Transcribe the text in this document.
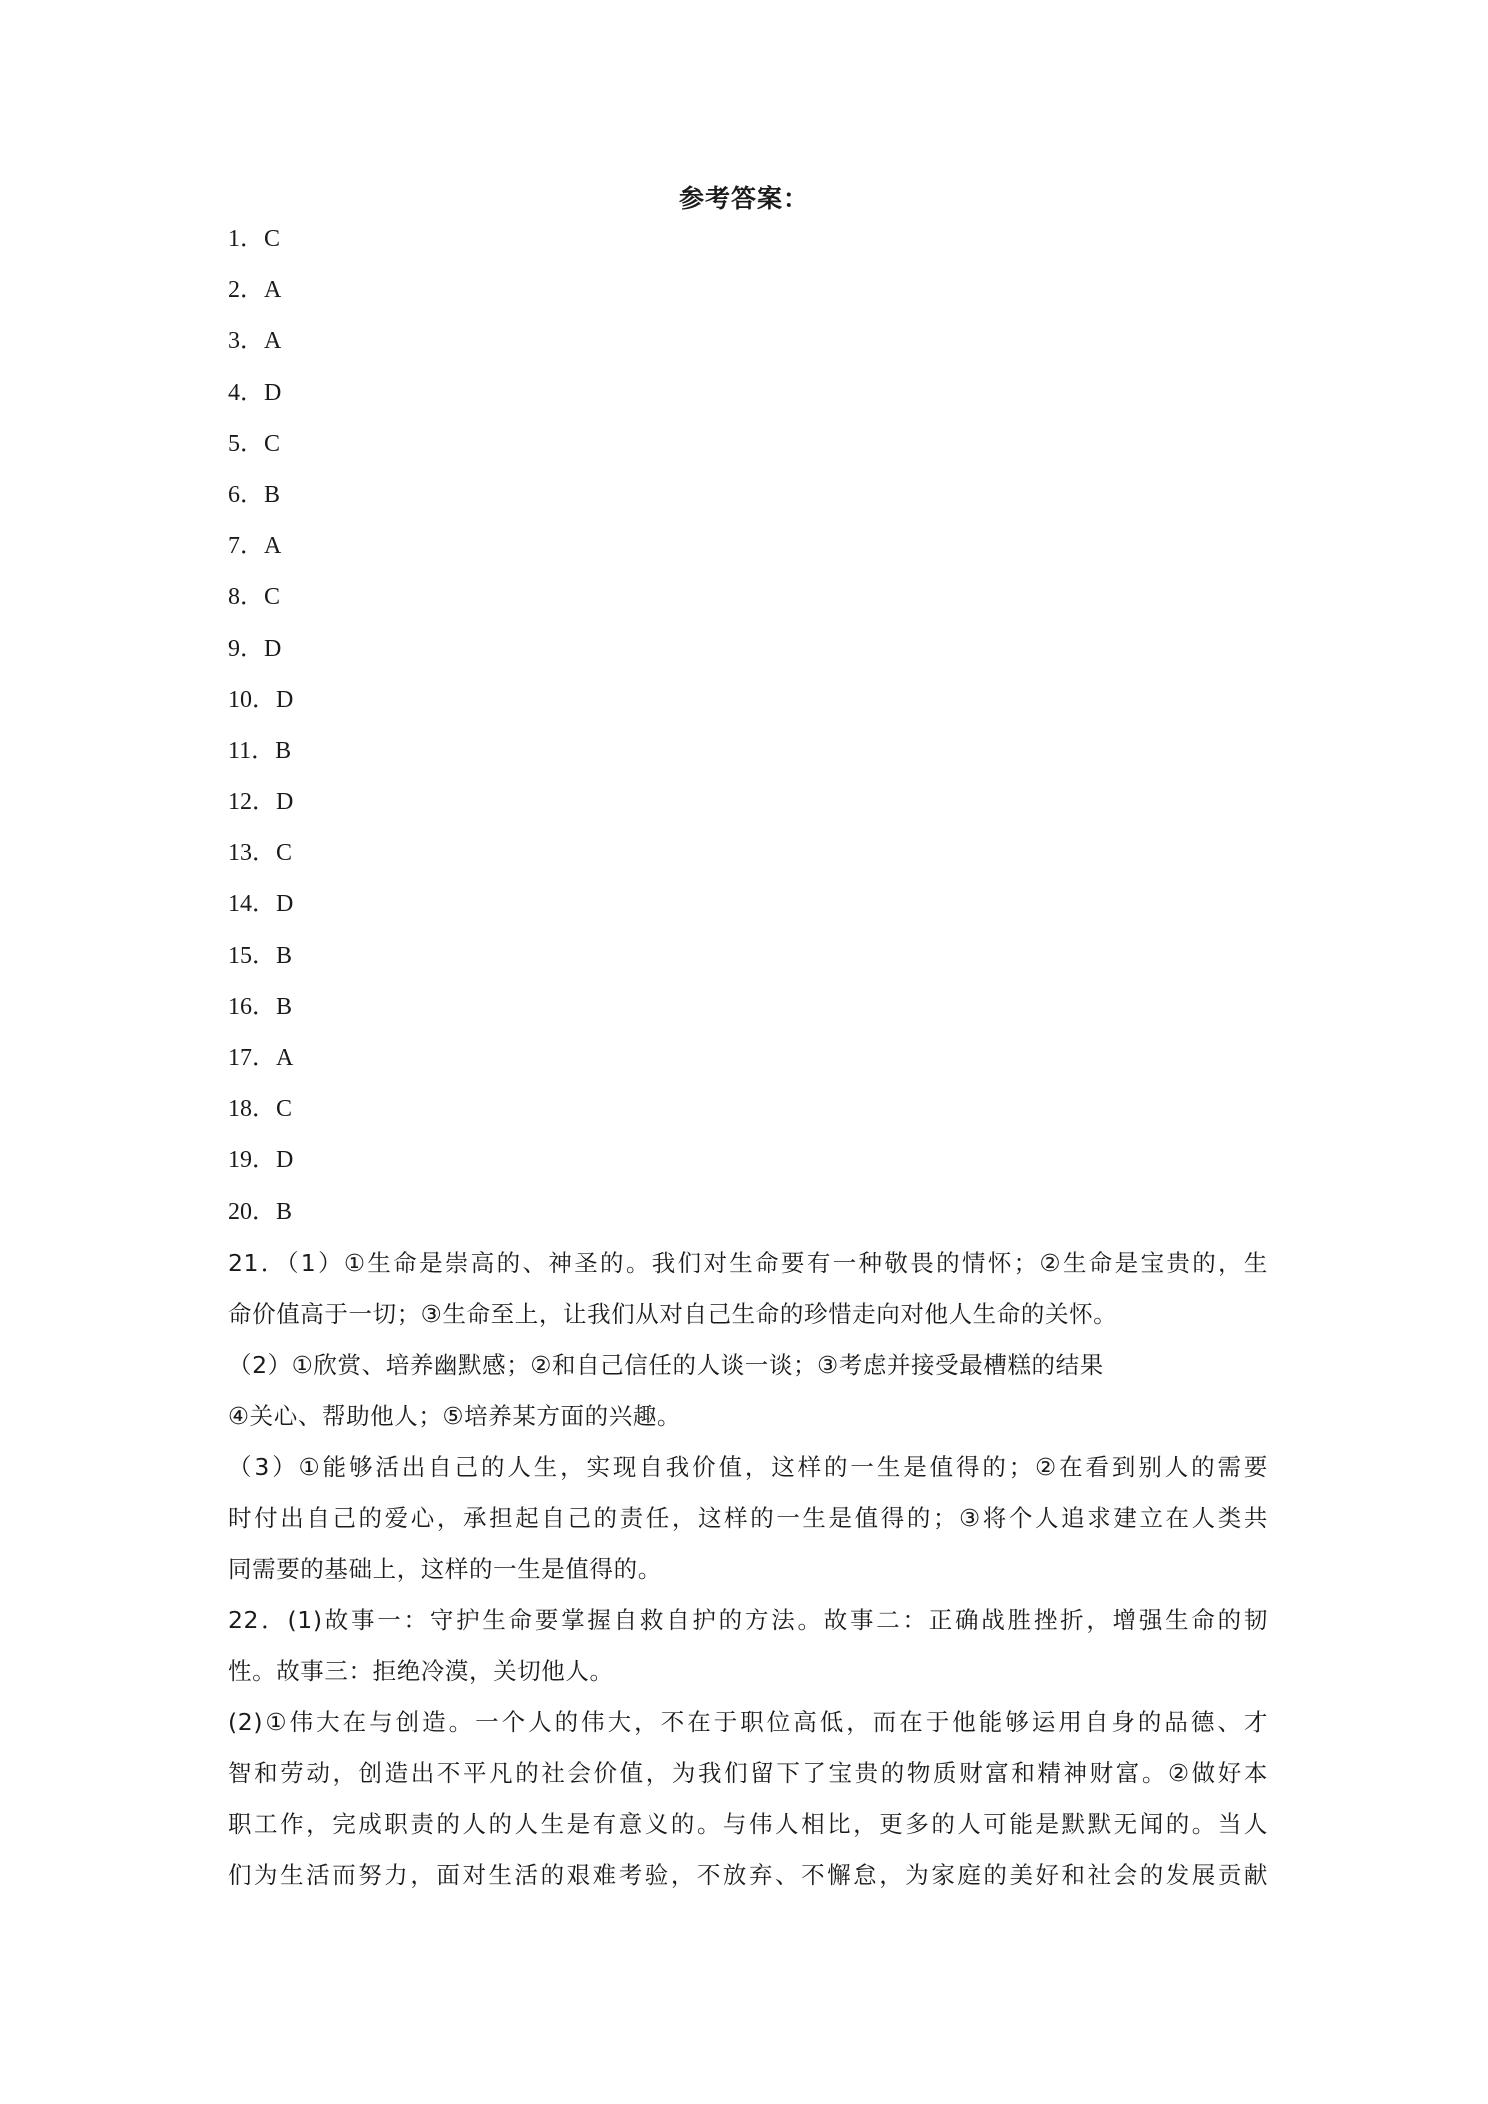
参考答案：
1．C
2．A
3．A
4．D
5．C
6．B
7．A
8．C
9．D
10．D
11．B
12．D
13．C
14．D
15．B
16．B
17．A
18．C
19．D
20．B
21．（1）①生命是崇高的、神圣的。我们对生命要有一种敬畏的情怀；②生命是宝贵的，生
命价值高于一切；③生命至上，让我们从对自己生命的珍惜走向对他人生命的关怀。
（2）①欣赏、培养幽默感；②和自己信任的人谈一谈；③考虑并接受最槽糕的结果
④关心、帮助他人；⑤培养某方面的兴趣。
（3）①能够活出自己的人生，实现自我价值，这样的一生是值得的；②在看到别人的需要
时付出自己的爱心，承担起自己的责任，这样的一生是值得的；③将个人追求建立在人类共
同需要的基础上，这样的一生是值得的。
22．(1)故事一：守护生命要掌握自救自护的方法。故事二：正确战胜挫折，增强生命的韧
性。故事三：拒绝冷漠，关切他人。
(2)①伟大在与创造。一个人的伟大，不在于职位高低，而在于他能够运用自身的品德、才
智和劳动，创造出不平凡的社会价值，为我们留下了宝贵的物质财富和精神财富。②做好本
职工作，完成职责的人的人生是有意义的。与伟人相比，更多的人可能是默默无闻的。当人
们为生活而努力，面对生活的艰难考验，不放弃、不懈怠，为家庭的美好和社会的发展贡献
